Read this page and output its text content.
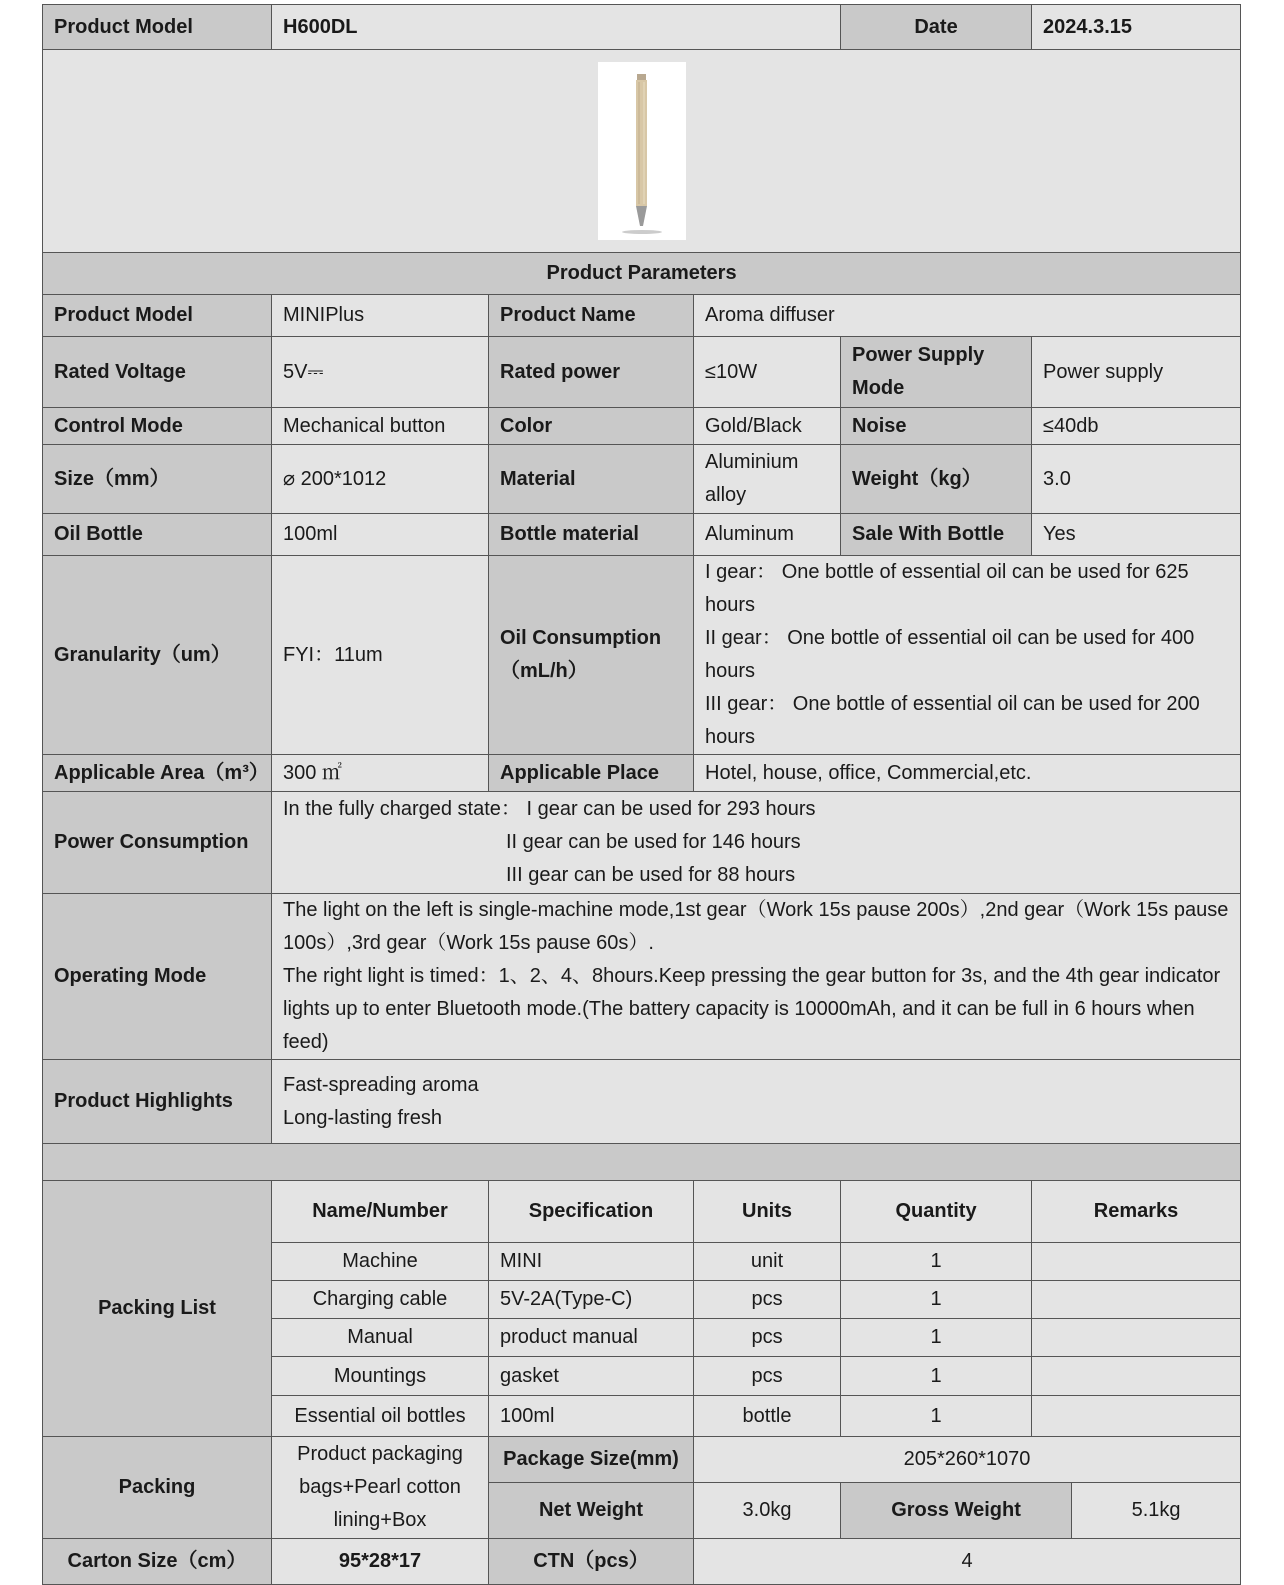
Product Model	H600DL			Date	2024.3.15	

Product Parameters						
Product Model	MINIPlus	Product Name	Aroma diffuser			
Rated Voltage	5V⎓	Rated power	≤10W	Power Supply Mode	Power supply	
Control Mode	Mechanical button	Color	Gold/Black	Noise	≤40db	
Size（mm）	⌀ 200*1012	Material	Aluminium alloy	Weight（kg）	3.0	
Oil Bottle	100ml	Bottle material	Aluminum	Sale With Bottle	Yes	
Granularity（um）	FYI：11um	Oil Consumption（mL/h）	I gear： One bottle of essential oil can be used for 625 hours
II gear： One bottle of essential oil can be used for 400 hours
III gear： One bottle of essential oil can be used for 200 hours			

Applicable Area（m³）	300 ㎡	Applicable Place	Hotel, house, office, Commercial,etc.			
Power Consumption	In the fully charged state： I gear can be used for 293 hours
II gear can be used for 146 hours
III gear can be used for 88 hours					

Operating Mode	The light on the left is single-machine mode,1st gear（Work 15s pause 200s）,2nd gear（Work 15s pause 100s）,3rd gear（Work 15s pause 60s）.
The right light is timed：1、2、4、8hours.Keep pressing the gear button for 3s, and the 4th gear indicator lights up to enter Bluetooth mode.(The battery capacity is 10000mAh, and it can be full in 6 hours when feed)					

Product Highlights	Fast-spreading aroma
Long-lasting fresh					

Packing List	Name/Number	Specification	Units	Quantity	Remarks	
	Machine	MINI	unit	1		
	Charging cable	5V-2A(Type-C)	pcs	1		
	Manual	product manual	pcs	1		
	Mountings	gasket	pcs	1		
	Essential oil bottles	100ml	bottle	1		
Packing	Product packaging bags+Pearl cotton lining+Box	Package Size(mm)	205*260*1070			
		Net Weight	3.0kg	Gross Weight		5.1kg
Carton Size（cm）	95*28*17	CTN（pcs）	4			
